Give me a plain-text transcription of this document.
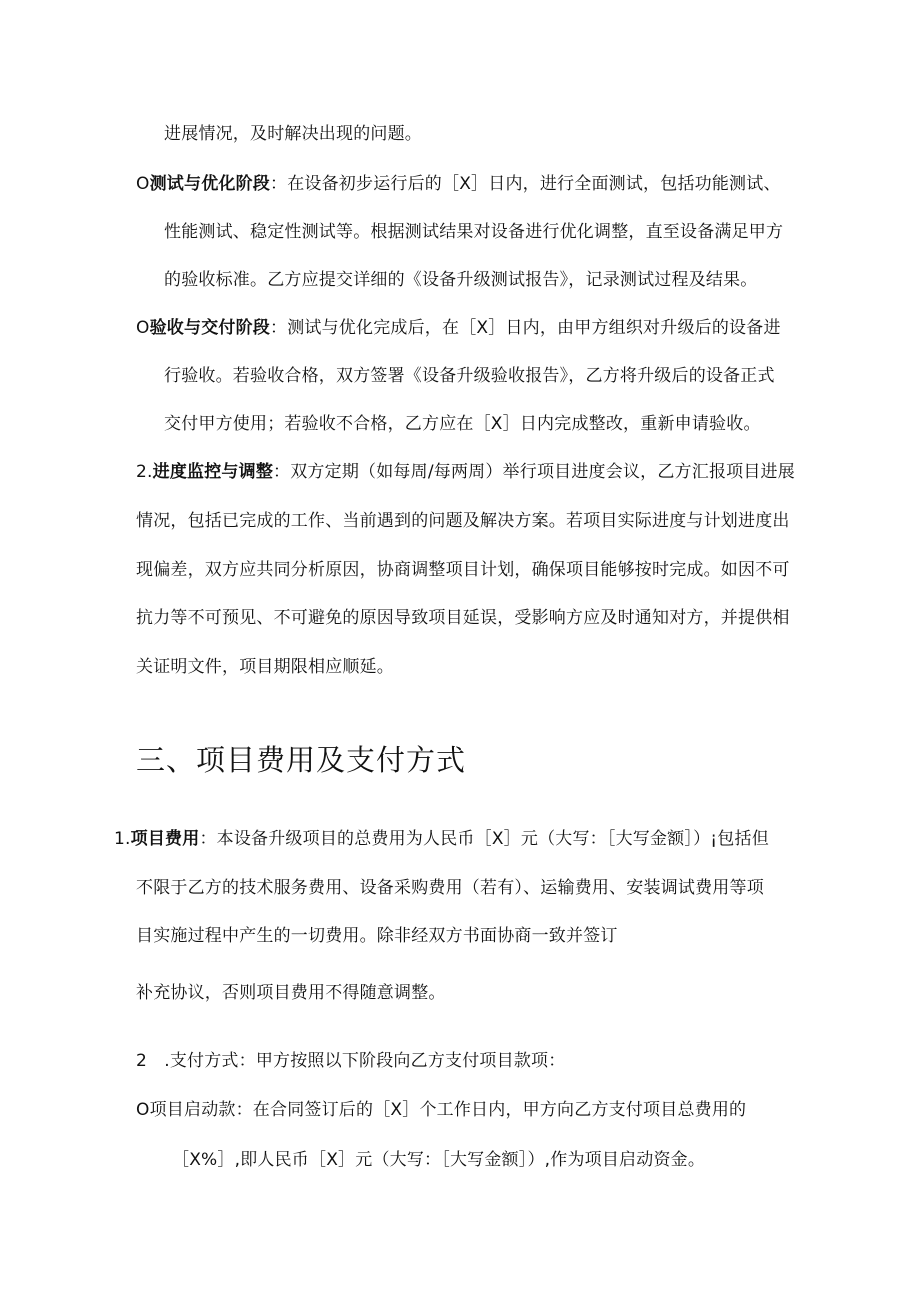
进展情况，及时解决出现的问题。
O测试与优化阶段：在设备初步运行后的［X］日内，进行全面测试，包括功能测试、
性能测试、稳定性测试等。根据测试结果对设备进行优化调整，直至设备满足甲方
的验收标准。乙方应提交详细的《设备升级测试报告》，记录测试过程及结果。
O验收与交付阶段：测试与优化完成后，在［X］日内，由甲方组织对升级后的设备进
行验收。若验收合格，双方签署《设备升级验收报告》，乙方将升级后的设备正式
交付甲方使用；若验收不合格，乙方应在［X］日内完成整改，重新申请验收。
2.进度监控与调整：双方定期（如每周/每两周）举行项目进度会议，乙方汇报项目进展
情况，包括已完成的工作、当前遇到的问题及解决方案。若项目实际进度与计划进度出
现偏差，双方应共同分析原因，协商调整项目计划，确保项目能够按时完成。如因不可
抗力等不可预见、不可避免的原因导致项目延误，受影响方应及时通知对方，并提供相
关证明文件，项目期限相应顺延。
三、项目费用及支付方式
1.项目费用：本设备升级项目的总费用为人民币［X］元（大写：［大写金额］）¡包括但
不限于乙方的技术服务费用、设备采购费用（若有）、运输费用、安装调试费用等项
目实施过程中产生的一切费用。除非经双方书面协商一致并签订
补充协议，否则项目费用不得随意调整。
2　.支付方式：甲方按照以下阶段向乙方支付项目款项：
O项目启动款：在合同签订后的［X］个工作日内，甲方向乙方支付项目总费用的
［X%］,即人民币［X］元（大写：［大写金额］）,作为项目启动资金。
